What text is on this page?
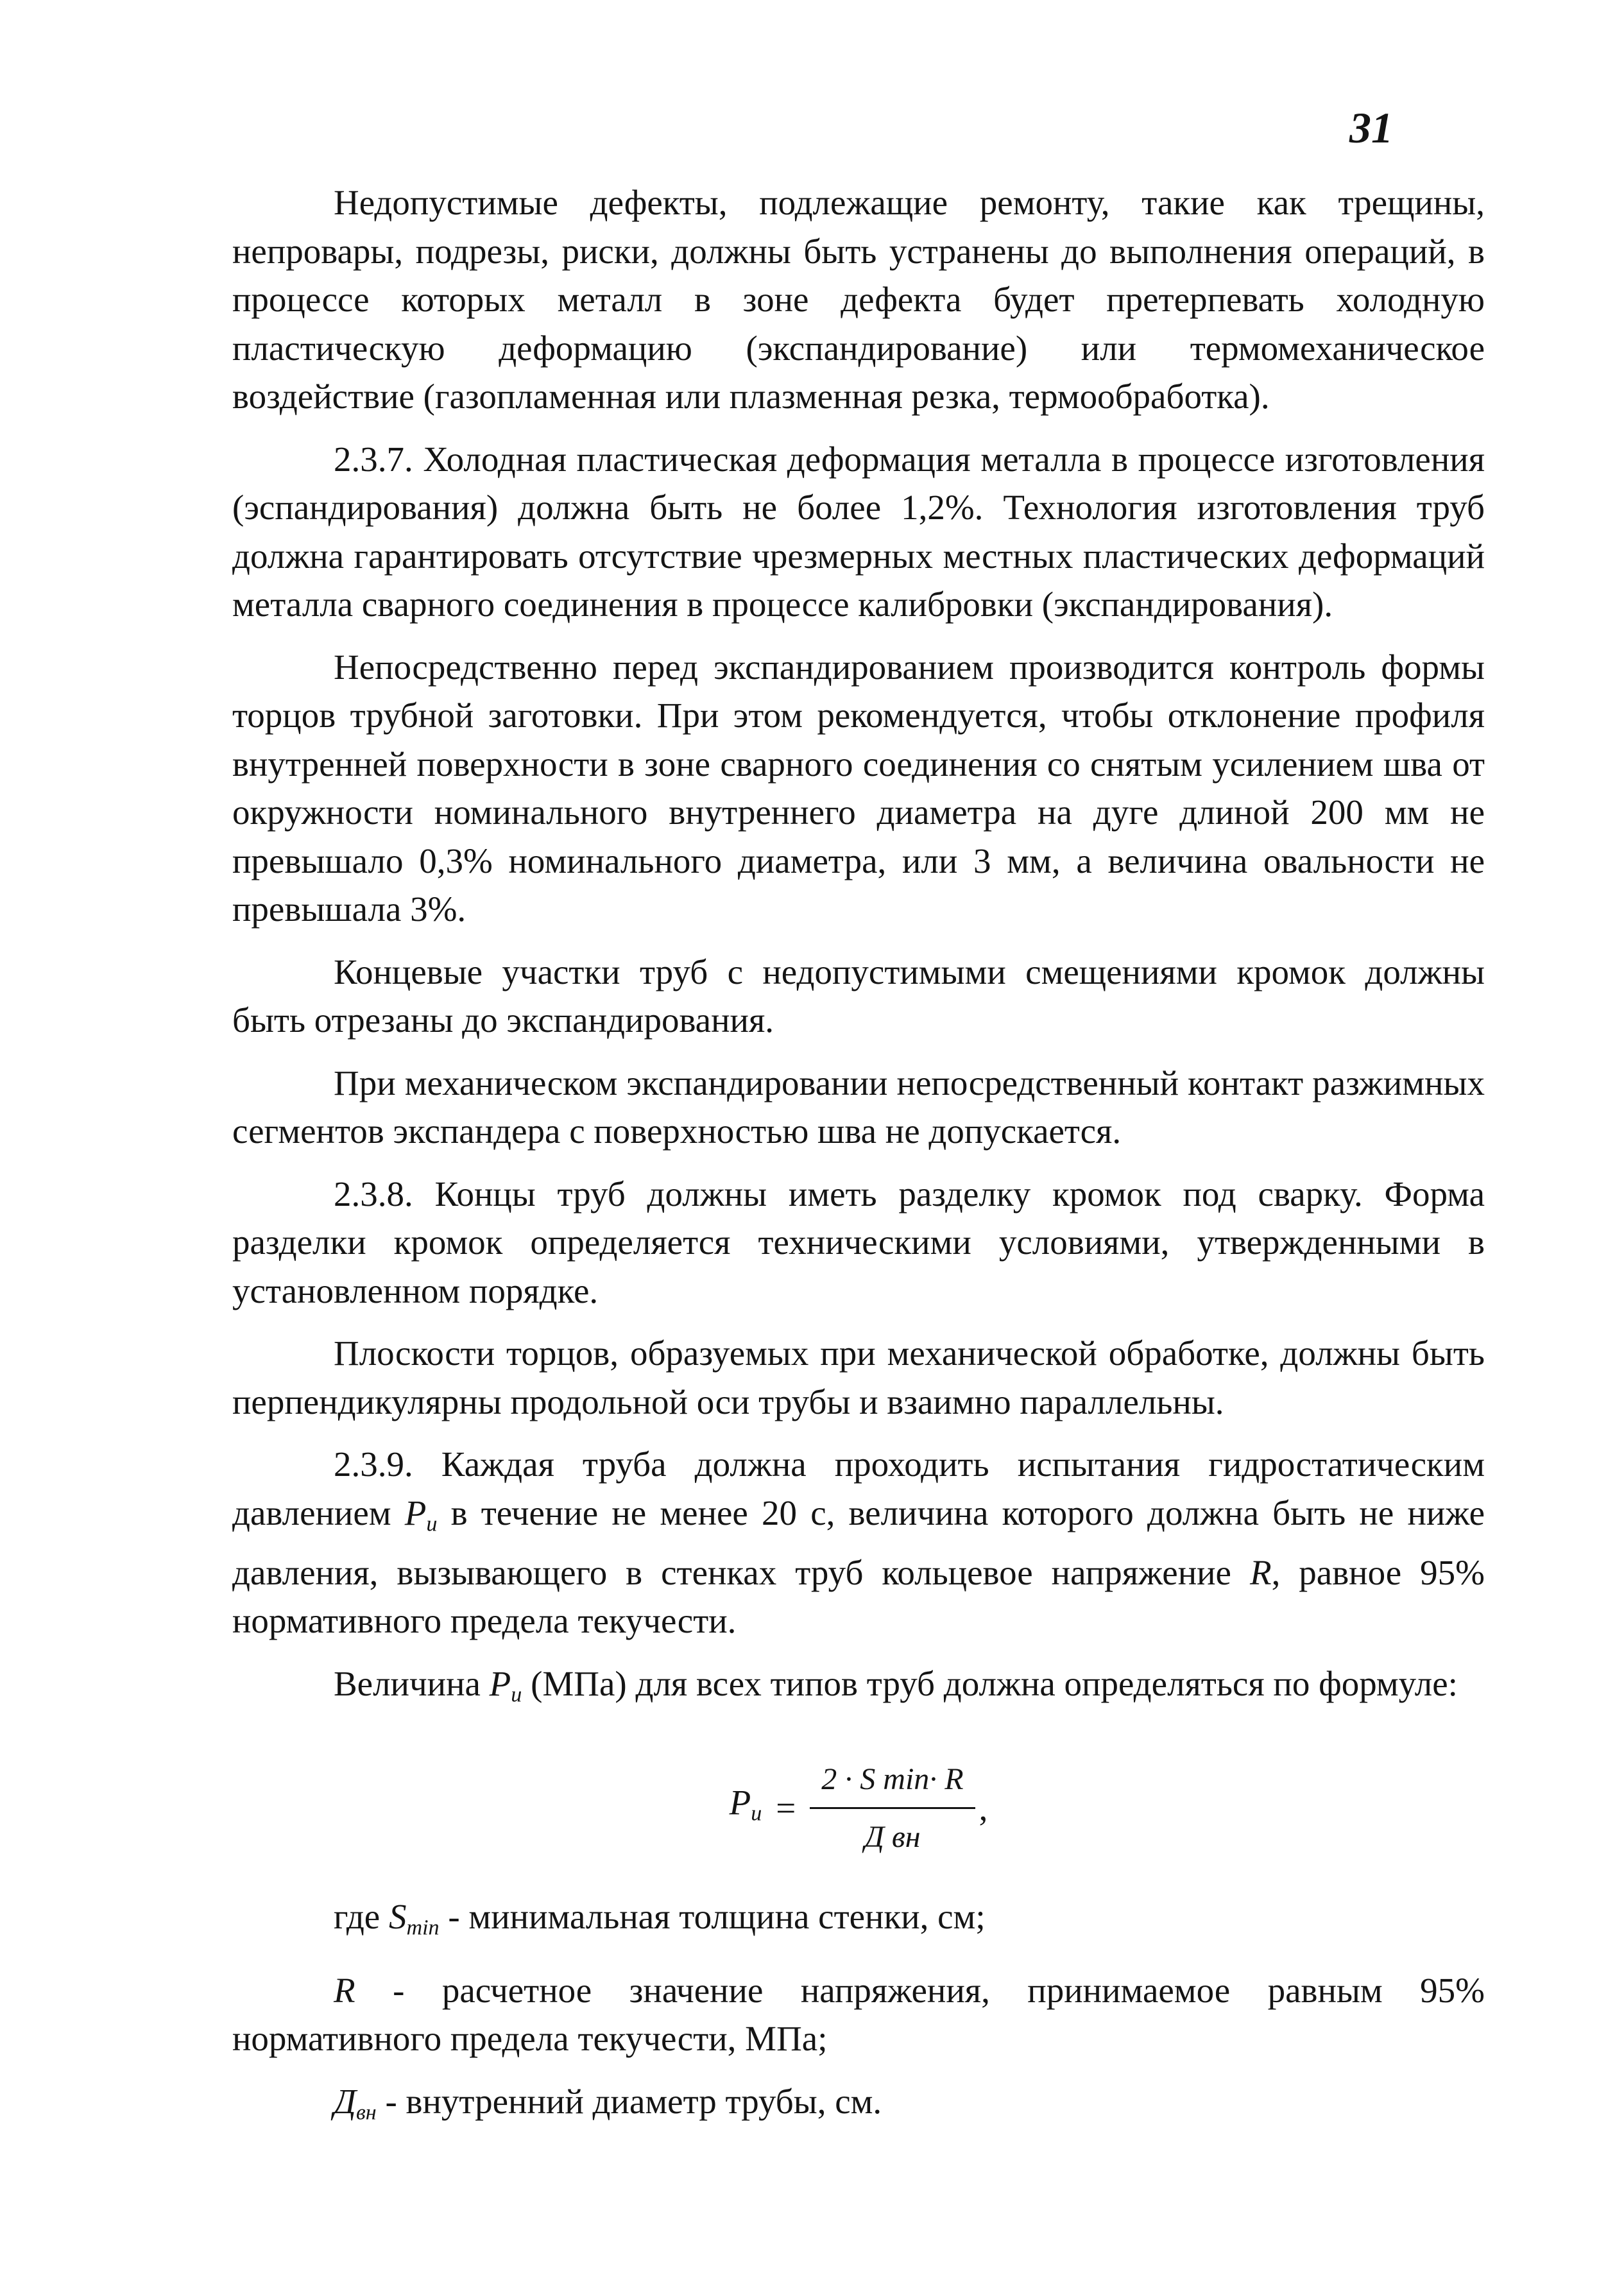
31

Недопустимые дефекты, подлежащие ремонту, такие как трещины, непровары, подрезы, риски, должны быть устранены до выполнения операций, в процессе которых металл в зоне дефекта будет претерпевать холодную пластическую деформацию (экспандирование) или термомеханическое воздействие (газопламенная или плазменная резка, термообработка).

2.3.7. Холодная пластическая деформация металла в процессе изготовления (эспандирования) должна быть не более 1,2%. Технология изготовления труб должна гарантировать отсутствие чрезмерных местных пластических деформаций металла сварного соединения в процессе калибровки (экспандирования).

Непосредственно перед экспандированием производится контроль формы торцов трубной заготовки. При этом рекомендуется, чтобы отклонение профиля внутренней поверхности в зоне сварного соединения со снятым усилением шва от окружности номинального внутреннего диаметра на дуге длиной 200 мм не превышало 0,3% номинального диаметра, или 3 мм, а величина овальности не превышала 3%.

Концевые участки труб с недопустимыми смещениями кромок должны быть отрезаны до экспандирования.

При механическом экспандировании непосредственный контакт разжимных сегментов экспандера с поверхностью шва не допускается.

2.3.8. Концы труб должны иметь разделку кромок под сварку. Форма разделки кромок определяется техническими условиями, утвержденными в установленном порядке.

Плоскости торцов, образуемых при механической обработке, должны быть перпендикулярны продольной оси трубы и взаимно параллельны.

2.3.9. Каждая труба должна проходить испытания гидростатическим давлением $P_и$ в течение не менее 20 с, величина которого должна быть не ниже давления, вызывающего в стенках труб кольцевое напряжение R, равное 95% нормативного предела текучести.

Величина $P_и$ (МПа) для всех типов труб должна определяться по формуле:

$P_и = \frac{\text{2 · S min· R}}{\text{Д вн}}$ ,

где $S_{min}$ - минимальная толщина стенки, см;

R - расчетное значение напряжения, принимаемое равным 95% нормативного предела текучести, МПа;

$Д_{вн}$ - внутренний диаметр трубы, см.
